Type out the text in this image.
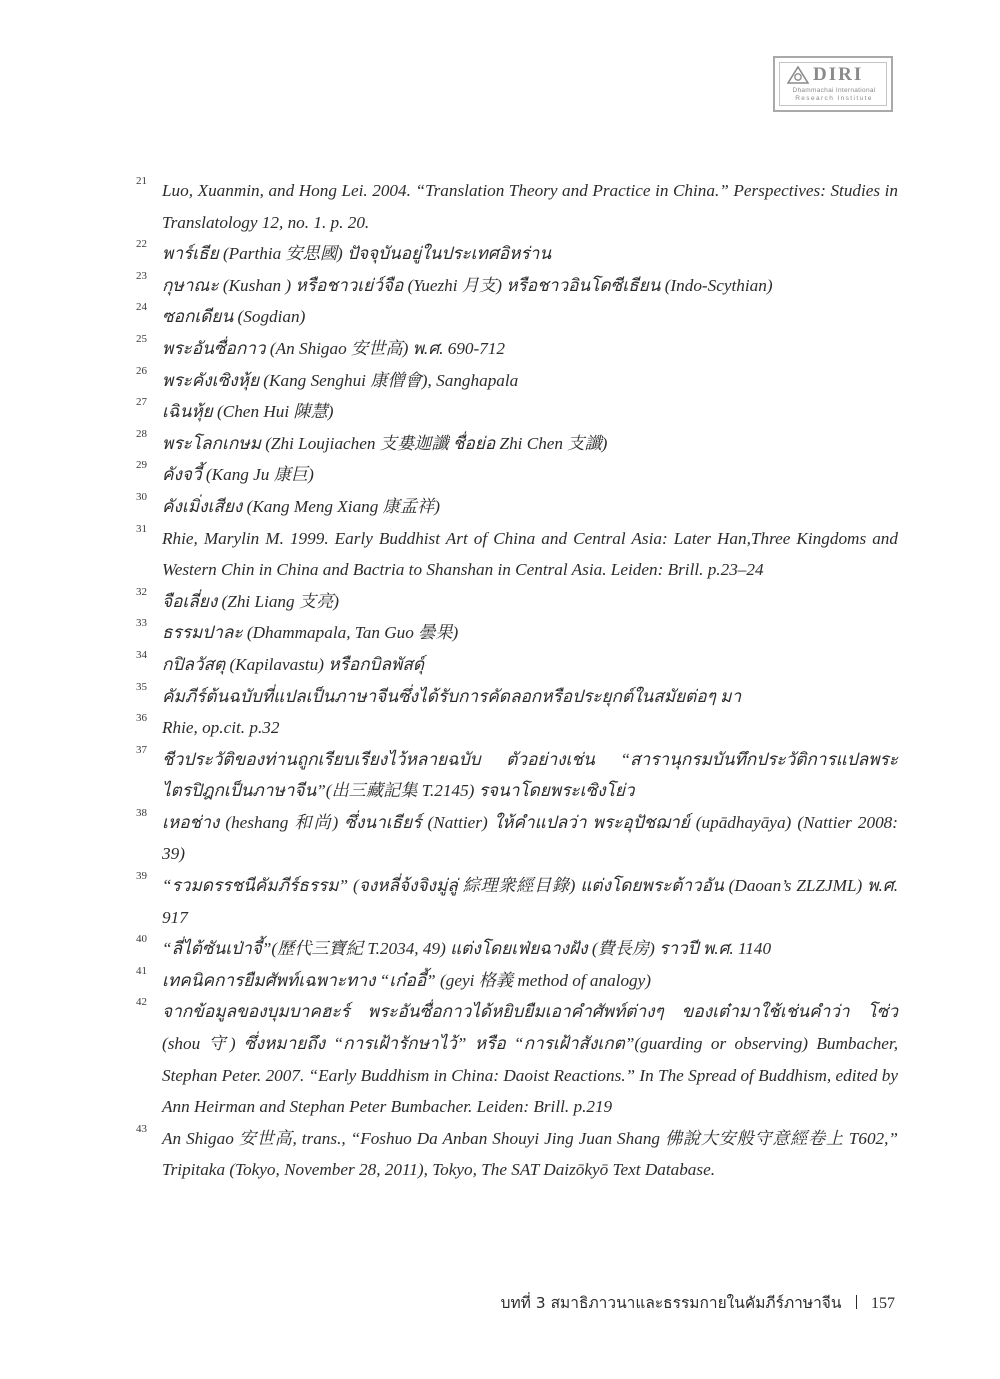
DIRI
Dhammachai International
Research Institute
21 Luo, Xuanmin, and Hong Lei. 2004. “Translation Theory and Practice in China.” Perspectives: Studies in Translatology 12, no. 1. p. 20.
22 พาร์เธีย (Parthia 安思國) ปัจจุบันอยู่ในประเทศอิหร่าน
23 กุษาณะ (Kushan ) หรือชาวเย่ว์จือ (Yuezhi 月支) หรือชาวอินโดซีเธียน (Indo-Scythian)
24 ซอกเดียน (Sogdian)
25 พระอันซื่อกาว (An Shigao 安世高) พ.ศ. 690-712
26 พระคังเซิงหุ้ย (Kang Senghui 康僧會), Sanghapala
27 เฉินหุ้ย (Chen Hui 陳慧)
28 พระโลกเกษม (Zhi Loujiachen 支婁迦讖 ชื่อย่อ Zhi Chen 支讖)
29 คังจวี้ (Kang Ju 康巨)
30 คังเมิ่งเสียง (Kang Meng Xiang 康孟祥)
31 Rhie, Marylin M. 1999. Early Buddhist Art of China and Central Asia: Later Han,Three Kingdoms and Western Chin in China and Bactria to Shanshan in Central Asia. Leiden: Brill. p.23–24
32 จือเลี่ยง (Zhi Liang 支亮)
33 ธรรมปาละ (Dhammapala, Tan Guo 曇果)
34 กปิลวัสตุ (Kapilavastu) หรือกบิลพัสดุ์
35 คัมภีร์ต้นฉบับที่แปลเป็นภาษาจีนซึ่งได้รับการคัดลอกหรือประยุกต์ในสมัยต่อๆ มา
36 Rhie, op.cit. p.32
37 ชีวประวัติของท่านถูกเรียบเรียงไว้หลายฉบับ ตัวอย่างเช่น “สารานุกรมบันทึกประวัติการแปลพระไตรปิฎกเป็นภาษาจีน”(出三藏記集 T.2145) รจนาโดยพระเซิงโย่ว
38 เหอช่าง (heshang 和尚) ซึ่งนาเธียร์ (Nattier) ให้คำแปลว่า พระอุปัชฌาย์ (upādhayāya) (Nattier 2008: 39)
39 “รวมดรรชนีคัมภีร์ธรรม” (จงหลี่จ้งจิงมู่ลู่ 綜理衆經目錄) แต่งโดยพระต้าวอัน (Daoan’s ZLZJML) พ.ศ. 917
40 “ลี่ไต้ซันเป่าจี้”(歷代三寶紀 T.2034, 49) แต่งโดยเฟ่ยฉางฝัง (費長房) ราวปี พ.ศ. 1140
41 เทคนิคการยืมศัพท์เฉพาะทาง “เก๋ออี้” (geyi 格義 method of analogy)
42 จากข้อมูลของบุมบาคฮะร์ พระอันซื่อกาวได้หยิบยืมเอาคำศัพท์ต่างๆ ของเต๋ามาใช้เช่นคำว่า โซ่ว (shou 守) ซึ่งหมายถึง “การเฝ้ารักษาไว้” หรือ “การเฝ้าสังเกต”(guarding or observing) Bumbacher, Stephan Peter. 2007. “Early Buddhism in China: Daoist Reactions.” In The Spread of Buddhism, edited by Ann Heirman and Stephan Peter Bumbacher. Leiden: Brill. p.219
43 An Shigao 安世高, trans., “Foshuo Da Anban Shouyi Jing Juan Shang 佛說大安般守意經卷上 T602,” Tripitaka (Tokyo, November 28, 2011), Tokyo, The SAT Daizōkyō Text Database.
บทที่ 3 สมาธิภาวนาและธรรมกายในคัมภีร์ภาษาจีน 157
